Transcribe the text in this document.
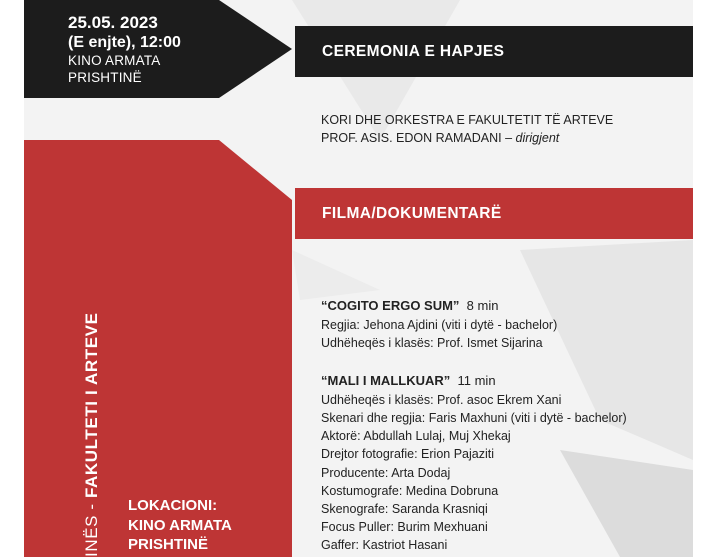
25.05. 2023
(E enjte), 12:00
KINO ARMATA
PRISHTINË
INËS - FAKULTETI I ARTEVE
LOKACIONI:
KINO ARMATA
PRISHTINË
CEREMONIA E HAPJES
KORI DHE ORKESTRA E FAKULTETIT TË ARTEVE
PROF. ASIS. EDON RAMADANI – dirigjent
FILMA/DOKUMENTARË
“COGITO ERGO SUM” 8 min
Regjia: Jehona Ajdini (viti i dytë - bachelor)
Udhëheqës i klasës: Prof. Ismet Sijarina
“MALI I MALLKUAR” 11 min
Udhëheqës i klasës: Prof. asoc Ekrem Xani
Skenari dhe regjia: Faris Maxhuni (viti i dytë - bachelor)
Aktorë: Abdullah Lulaj, Muj Xhekaj
Drejtor fotografie: Erion Pajaziti
Producente: Arta Dodaj
Kostumografe: Medina Dobruna
Skenografe: Saranda Krasniqi
Focus Puller: Burim Mexhuani
Gaffer: Kastriot Hasani
